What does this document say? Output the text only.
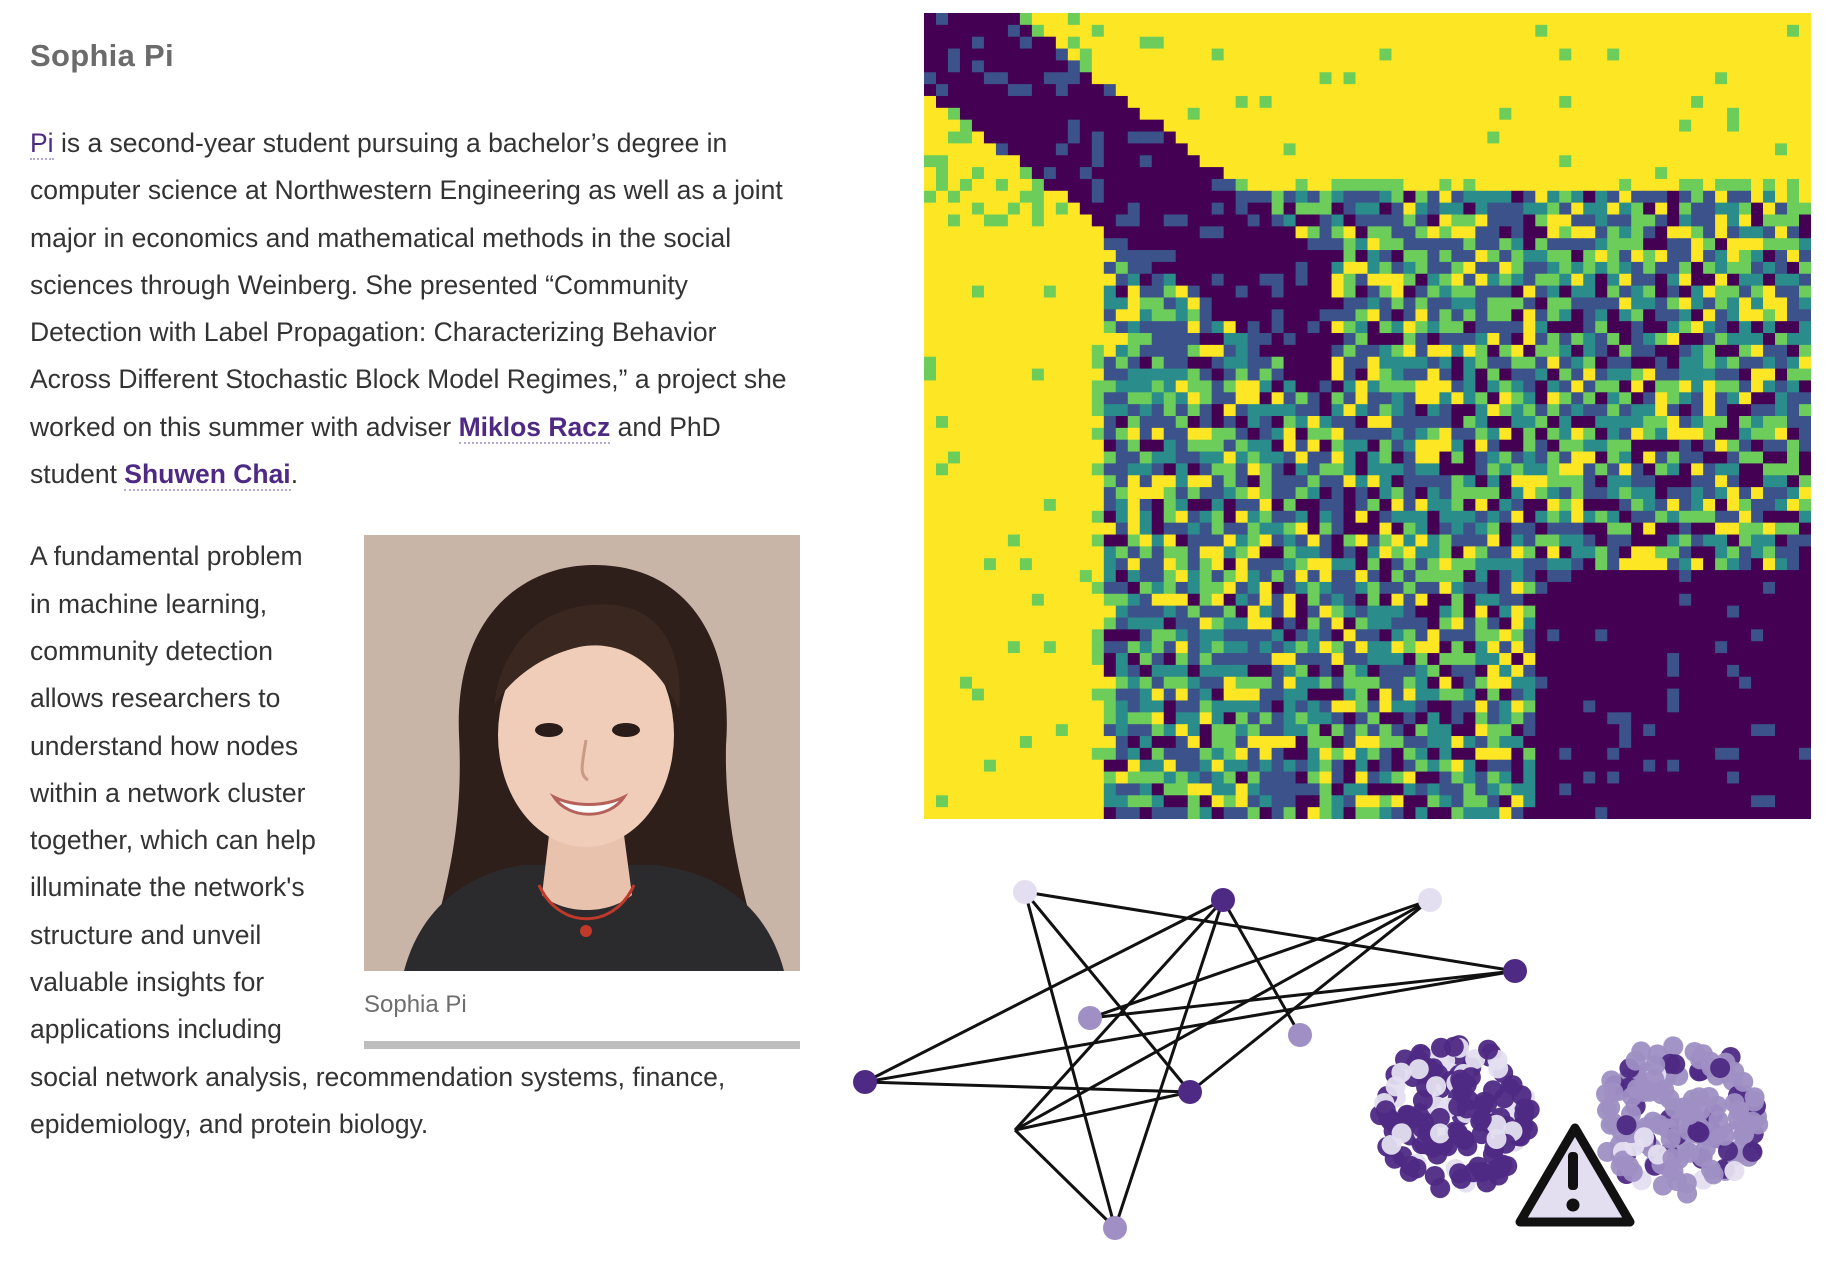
Sophia Pi

Pi is a second-year student pursuing a bachelor’s degree in computer science at Northwestern Engineering as well as a joint major in economics and mathematical methods in the social sciences through Weinberg. She presented “Community Detection with Label Propagation: Characterizing Behavior Across Different Stochastic Block Model Regimes,” a project she worked on this summer with adviser Miklos Racz and PhD student Shuwen Chai.

Sophia Pi

A fundamental problem in machine learning, community detection allows researchers to understand how nodes within a network cluster together, which can help illuminate the network's structure and unveil valuable insights for applications including social network analysis, recommendation systems, finance, epidemiology, and protein biology.
